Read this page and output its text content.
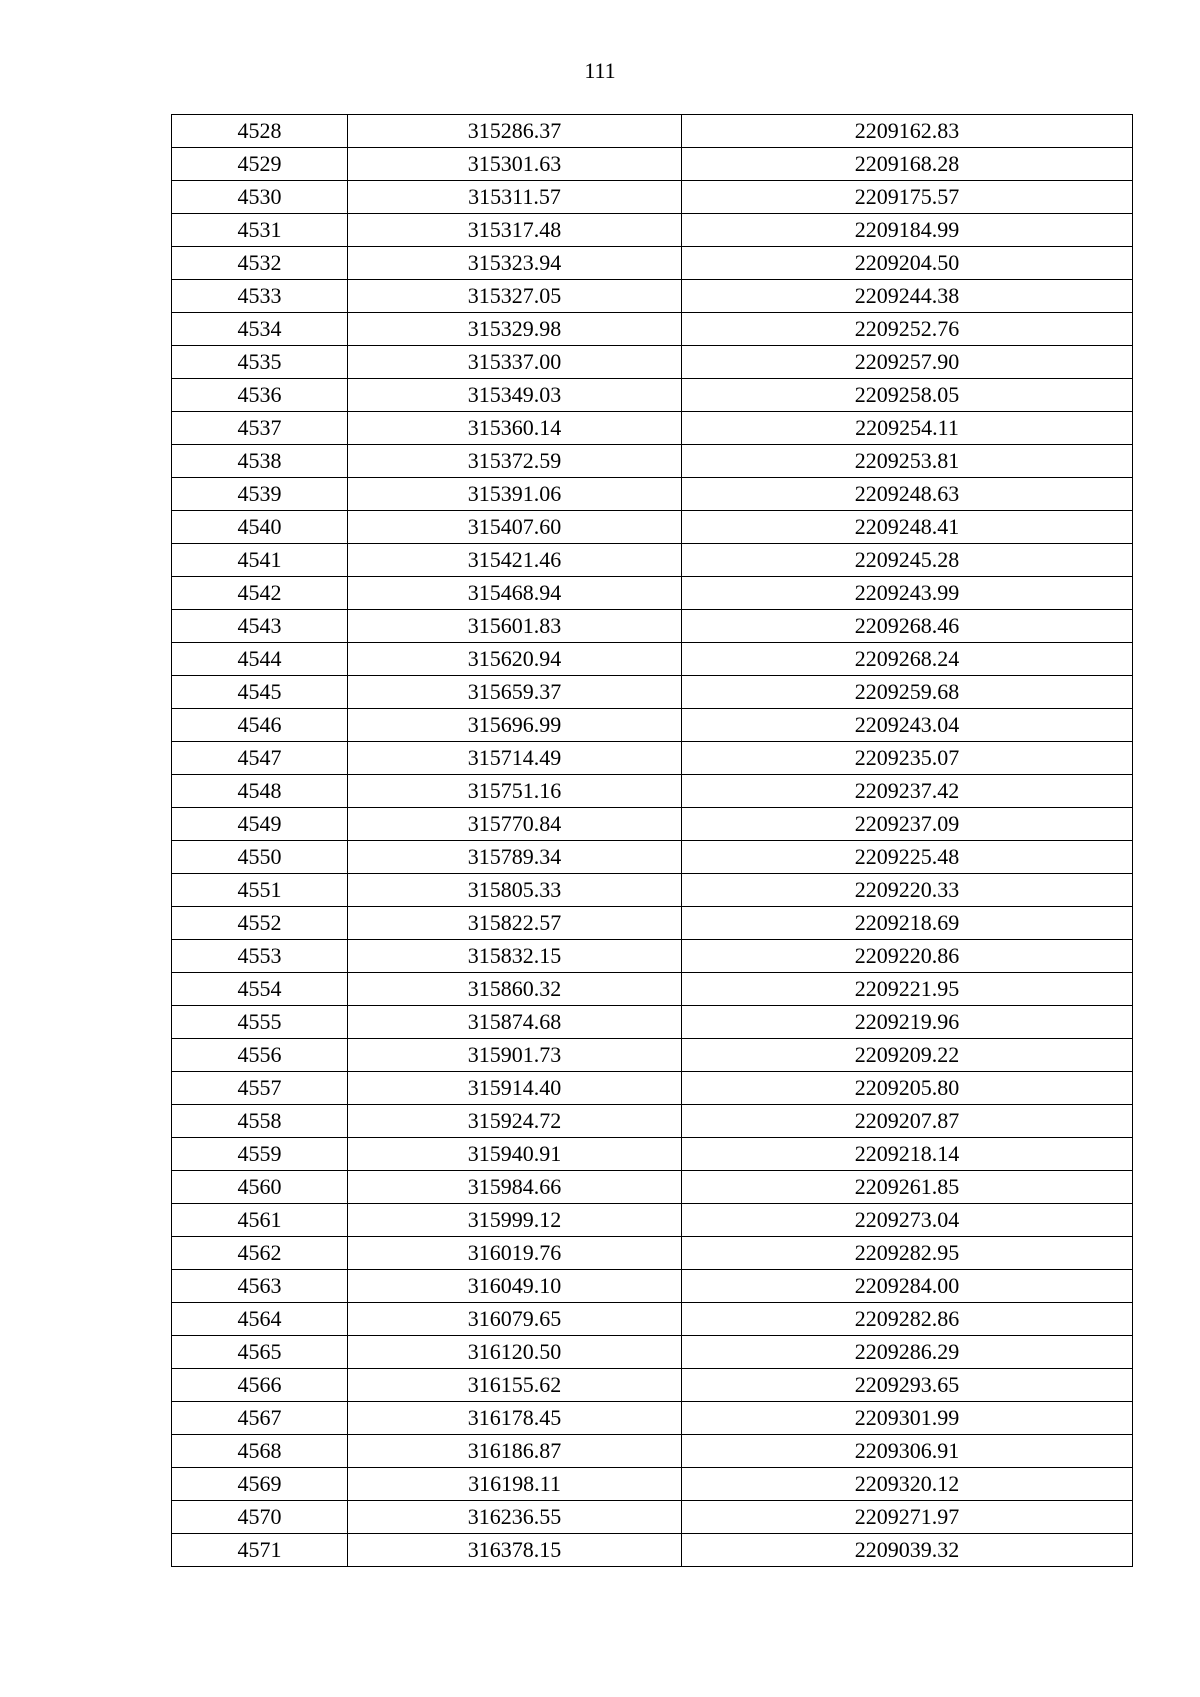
111
4528	315286.37	2209162.83
4529	315301.63	2209168.28
4530	315311.57	2209175.57
4531	315317.48	2209184.99
4532	315323.94	2209204.50
4533	315327.05	2209244.38
4534	315329.98	2209252.76
4535	315337.00	2209257.90
4536	315349.03	2209258.05
4537	315360.14	2209254.11
4538	315372.59	2209253.81
4539	315391.06	2209248.63
4540	315407.60	2209248.41
4541	315421.46	2209245.28
4542	315468.94	2209243.99
4543	315601.83	2209268.46
4544	315620.94	2209268.24
4545	315659.37	2209259.68
4546	315696.99	2209243.04
4547	315714.49	2209235.07
4548	315751.16	2209237.42
4549	315770.84	2209237.09
4550	315789.34	2209225.48
4551	315805.33	2209220.33
4552	315822.57	2209218.69
4553	315832.15	2209220.86
4554	315860.32	2209221.95
4555	315874.68	2209219.96
4556	315901.73	2209209.22
4557	315914.40	2209205.80
4558	315924.72	2209207.87
4559	315940.91	2209218.14
4560	315984.66	2209261.85
4561	315999.12	2209273.04
4562	316019.76	2209282.95
4563	316049.10	2209284.00
4564	316079.65	2209282.86
4565	316120.50	2209286.29
4566	316155.62	2209293.65
4567	316178.45	2209301.99
4568	316186.87	2209306.91
4569	316198.11	2209320.12
4570	316236.55	2209271.97
4571	316378.15	2209039.32
